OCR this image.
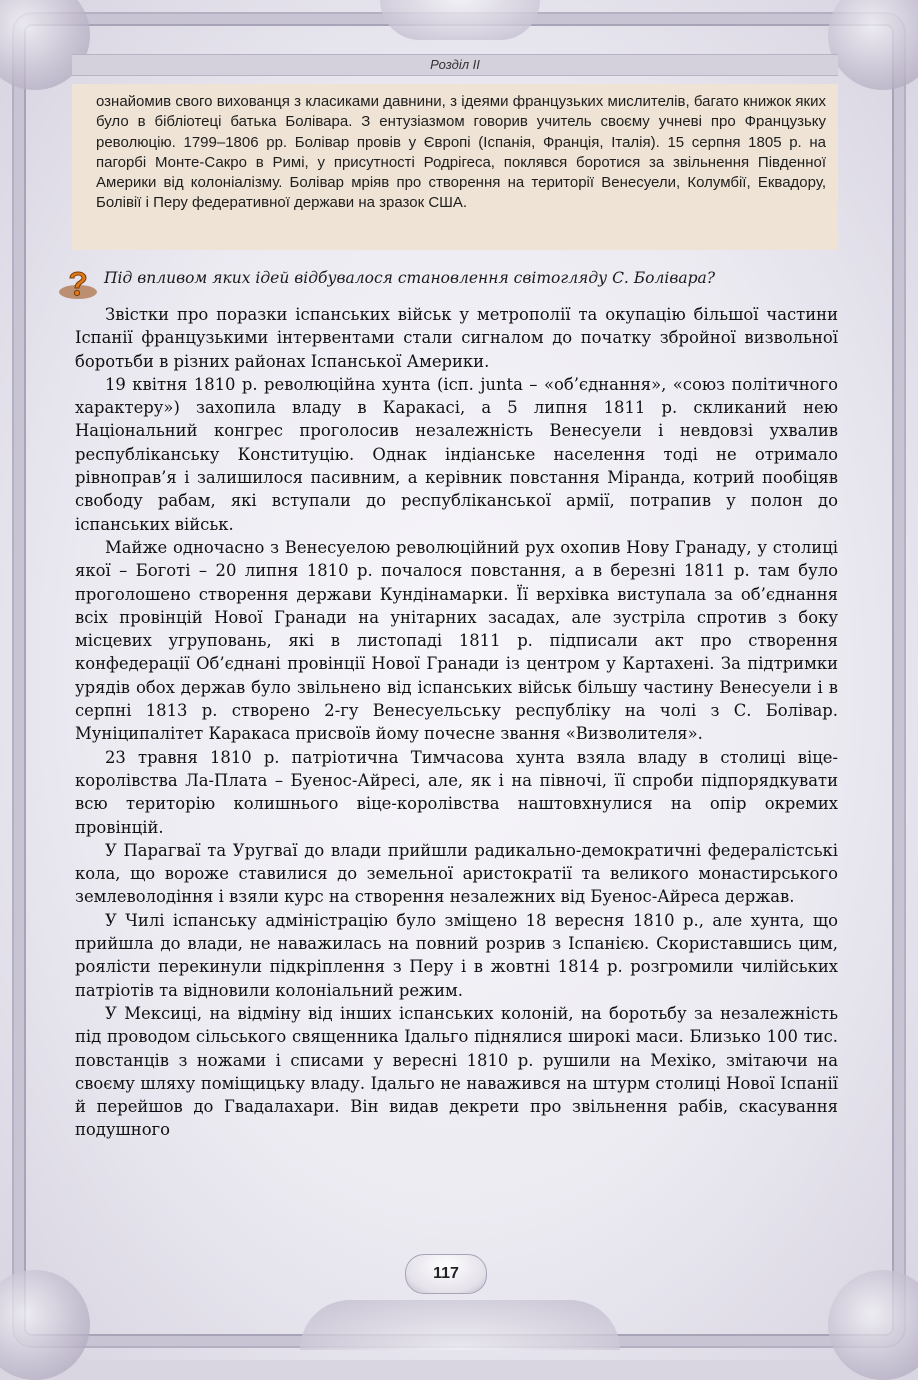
Розділ ІІ

ознайомив свого вихованця з класиками давнини, з ідеями французьких мислителів, багато книжок яких було в бібліотеці батька Болівара. З ентузіазмом говорив учитель своєму учневі про Французьку революцію. 1799–1806 рр. Болівар провів у Європі (Іспанія, Франція, Італія). 15 серпня 1805 р. на пагорбі Монте-Сакро в Римі, у присутності Родрігеса, поклявся боротися за звільнення Південної Америки від колоніалізму. Болівар мріяв про створення на території Венесуели, Колумбії, Еквадору, Болівії і Перу федеративної держави на зразок США.

Під впливом яких ідей відбувалося становлення світогляду С. Болівара?

Звістки про поразки іспанських військ у метрополії та окупацію більшої частини Іспанії французькими інтервентами стали сигналом до початку збройної визвольної боротьби в різних районах Іспанської Америки.

19 квітня 1810 р. революційна хунта (ісп. junta – «об’єднання», «союз політичного характеру») захопила владу в Каракасі, а 5 липня 1811 р. скликаний нею Національний конгрес проголосив незалежність Венесуели і невдовзі ухвалив республіканську Конституцію. Однак індіанське населення тоді не отримало рівноправ’я і залишилося пасивним, а керівник повстання Міранда, котрий пообіцяв свободу рабам, які вступали до республіканської армії, потрапив у полон до іспанських військ.

Майже одночасно з Венесуелою революційний рух охопив Нову Гранаду, у столиці якої – Боготі – 20 липня 1810 р. почалося повстання, а в березні 1811 р. там було проголошено створення держави Кундінамарки. Її верхівка виступала за об’єднання всіх провінцій Нової Гранади на унітарних засадах, але зустріла спротив з боку місцевих угруповань, які в листопаді 1811 р. підписали акт про створення конфедерації Об’єднані провінції Нової Гранади із центром у Картахені. За підтримки урядів обох держав було звільнено від іспанських військ більшу частину Венесуели і в серпні 1813 р. створено 2-гу Венесуельську республіку на чолі з С. Болівар. Муніципалітет Каракаса присвоїв йому почесне звання «Визволителя».

23 травня 1810 р. патріотична Тимчасова хунта взяла владу в столиці віце-королівства Ла-Плата – Буенос-Айресі, але, як і на півночі, її спроби підпорядкувати всю територію колишнього віце-королівства наштовхнулися на опір окремих провінцій.

У Парагваї та Уругваї до влади прийшли радикально-демократичні федералістські кола, що вороже ставилися до земельної аристократії та великого монастирського землеволодіння і взяли курс на створення незалежних від Буенос-Айреса держав.

У Чилі іспанську адміністрацію було зміщено 18 вересня 1810 р., але хунта, що прийшла до влади, не наважилась на повний розрив з Іспанією. Скориставшись цим, роялісти перекинули підкріплення з Перу і в жовтні 1814 р. розгромили чилійських патріотів та відновили колоніальний режим.

У Мексиці, на відміну від інших іспанських колоній, на боротьбу за незалежність під проводом сільського священника Ідальго піднялися широкі маси. Близько 100 тис. повстанців з ножами і списами у вересні 1810 р. рушили на Мехіко, змітаючи на своєму шляху поміщицьку владу. Ідальго не наважився на штурм столиці Нової Іспанії й перейшов до Гвадалахари. Він видав декрети про звільнення рабів, скасування подушного

117
